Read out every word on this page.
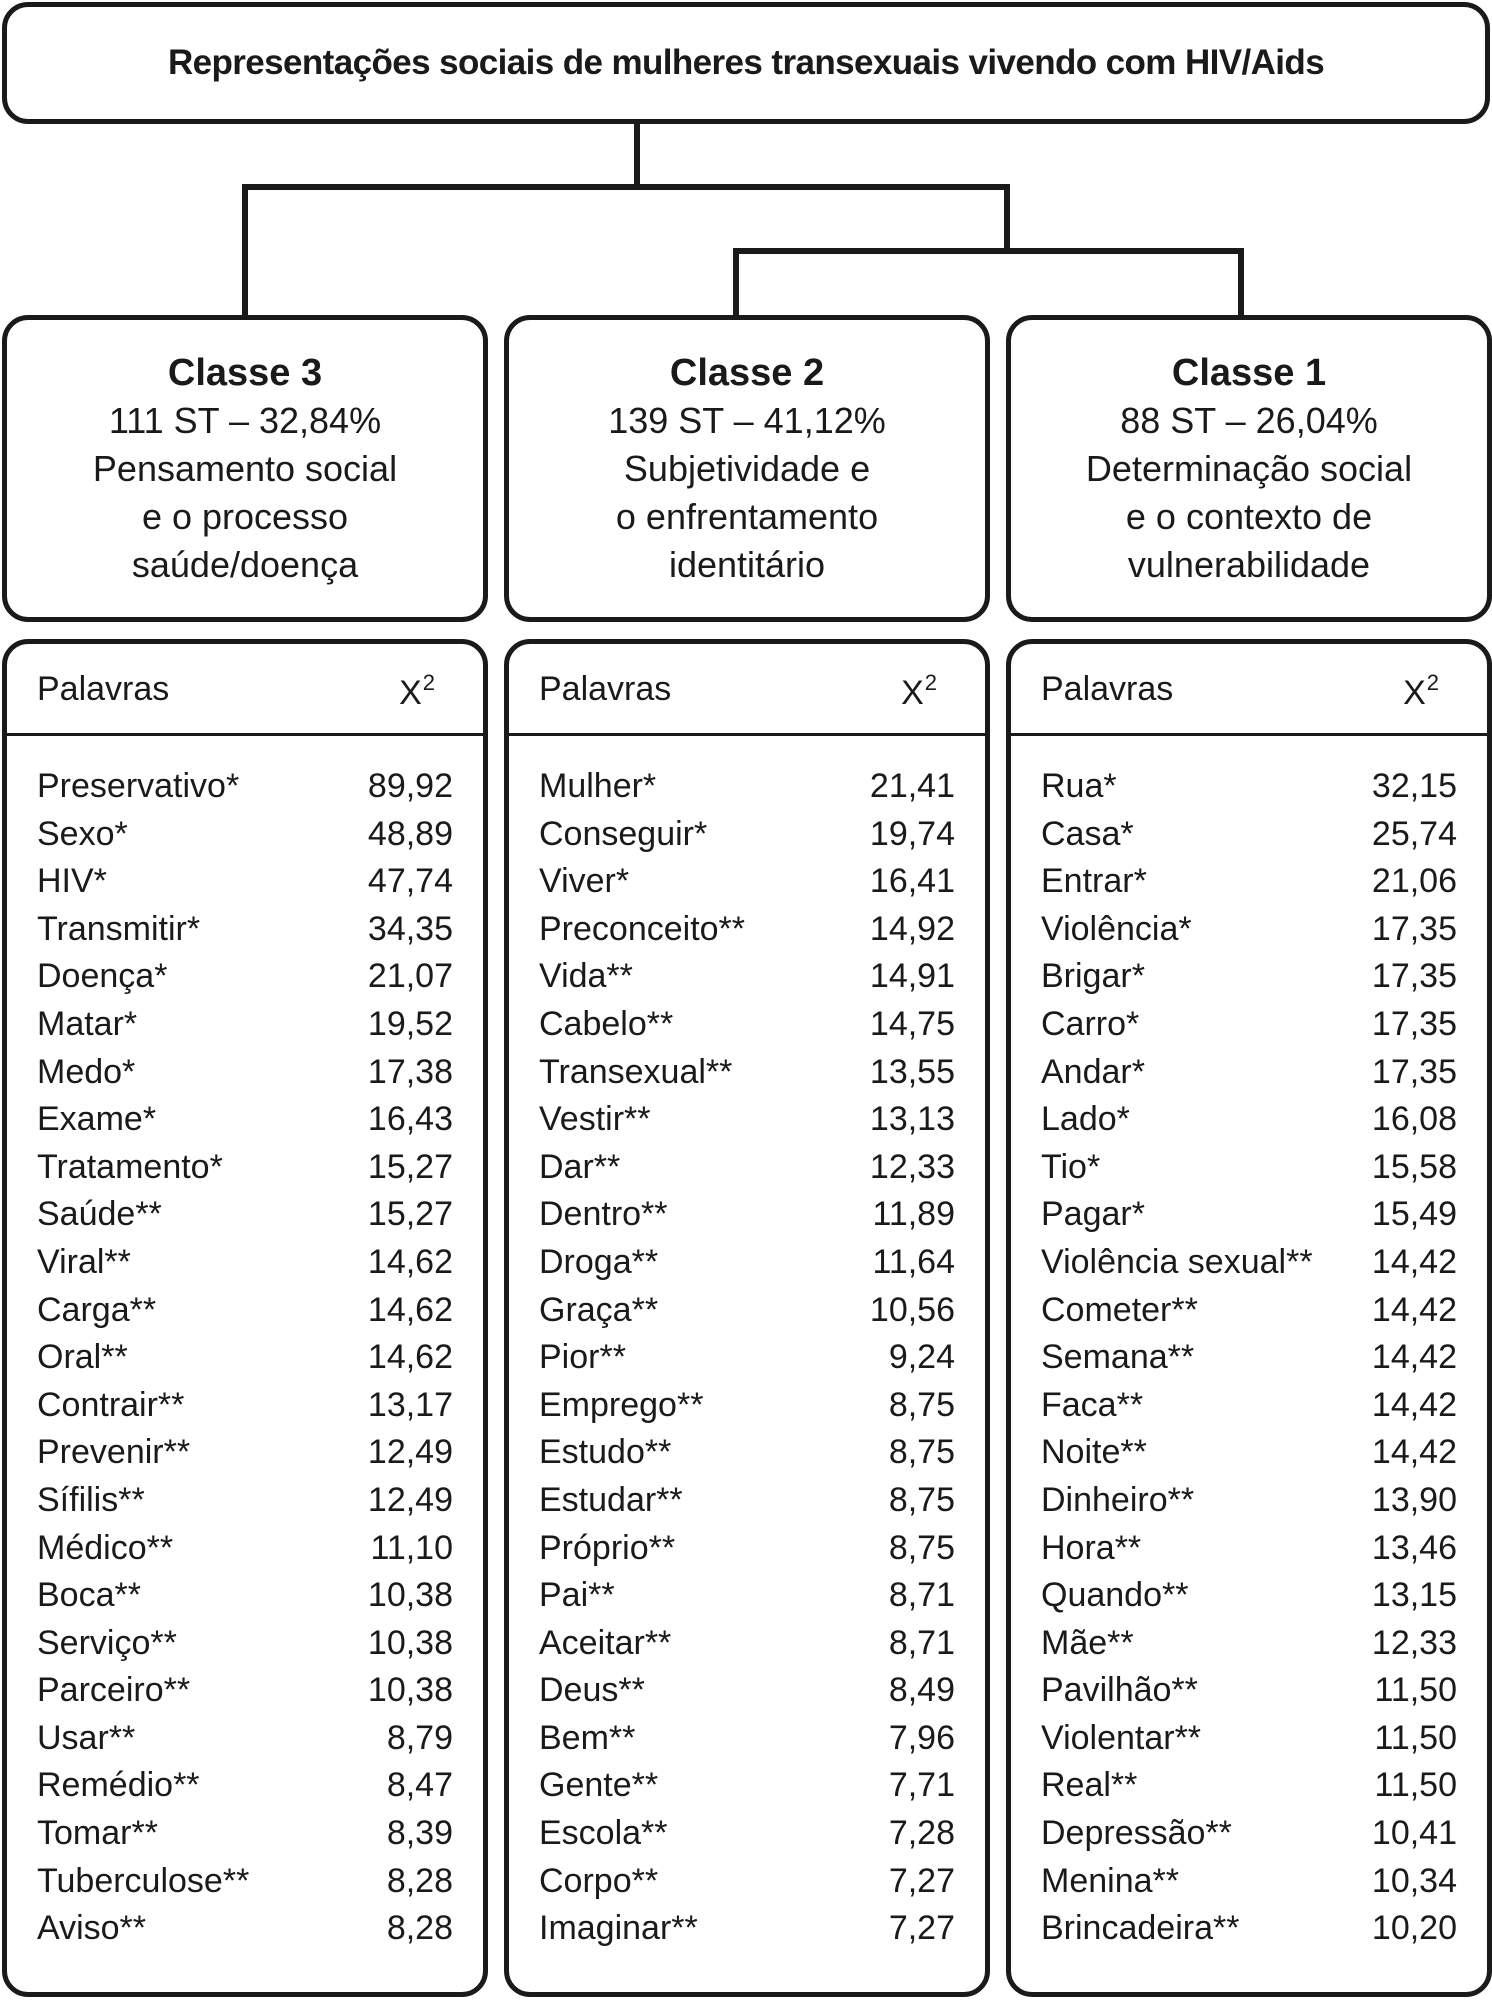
Representações sociais de mulheres transexuais vivendo com HIV/Aids
Classe 3
111 ST – 32,84%
Pensamento social
e o processo
saúde/doença
Classe 2
139 ST – 41,12%
Subjetividade e
o enfrentamento
identitário
Classe 1
88 ST – 26,04%
Determinação social
e o contexto de
vulnerabilidade
Palavras	$X^2$
Preservativo*	89,92
Sexo*	48,89
HIV*	47,74
Transmitir*	34,35
Doença*	21,07
Matar*	19,52
Medo*	17,38
Exame*	16,43
Tratamento*	15,27
Saúde**	15,27
Viral**	14,62
Carga**	14,62
Oral**	14,62
Contrair**	13,17
Prevenir**	12,49
Sífilis**	12,49
Médico**	11,10
Boca**	10,38
Serviço**	10,38
Parceiro**	10,38
Usar**	8,79
Remédio**	8,47
Tomar**	8,39
Tuberculose**	8,28
Aviso**	8,28
Palavras	$X^2$
Mulher*	21,41
Conseguir*	19,74
Viver*	16,41
Preconceito**	14,92
Vida**	14,91
Cabelo**	14,75
Transexual**	13,55
Vestir**	13,13
Dar**	12,33
Dentro**	11,89
Droga**	11,64
Graça**	10,56
Pior**	9,24
Emprego**	8,75
Estudo**	8,75
Estudar**	8,75
Próprio**	8,75
Pai**	8,71
Aceitar**	8,71
Deus**	8,49
Bem**	7,96
Gente**	7,71
Escola**	7,28
Corpo**	7,27
Imaginar**	7,27
Palavras	$X^2$
Rua*	32,15
Casa*	25,74
Entrar*	21,06
Violência*	17,35
Brigar*	17,35
Carro*	17,35
Andar*	17,35
Lado*	16,08
Tio*	15,58
Pagar*	15,49
Violência sexual** 14,42
Cometer**	14,42
Semana**	14,42
Faca**	14,42
Noite**	14,42
Dinheiro**	13,90
Hora**	13,46
Quando**	13,15
Mãe**	12,33
Pavilhão**	11,50
Violentar**	11,50
Real**	11,50
Depressão**	10,41
Menina**	10,34
Brincadeira**	10,20
